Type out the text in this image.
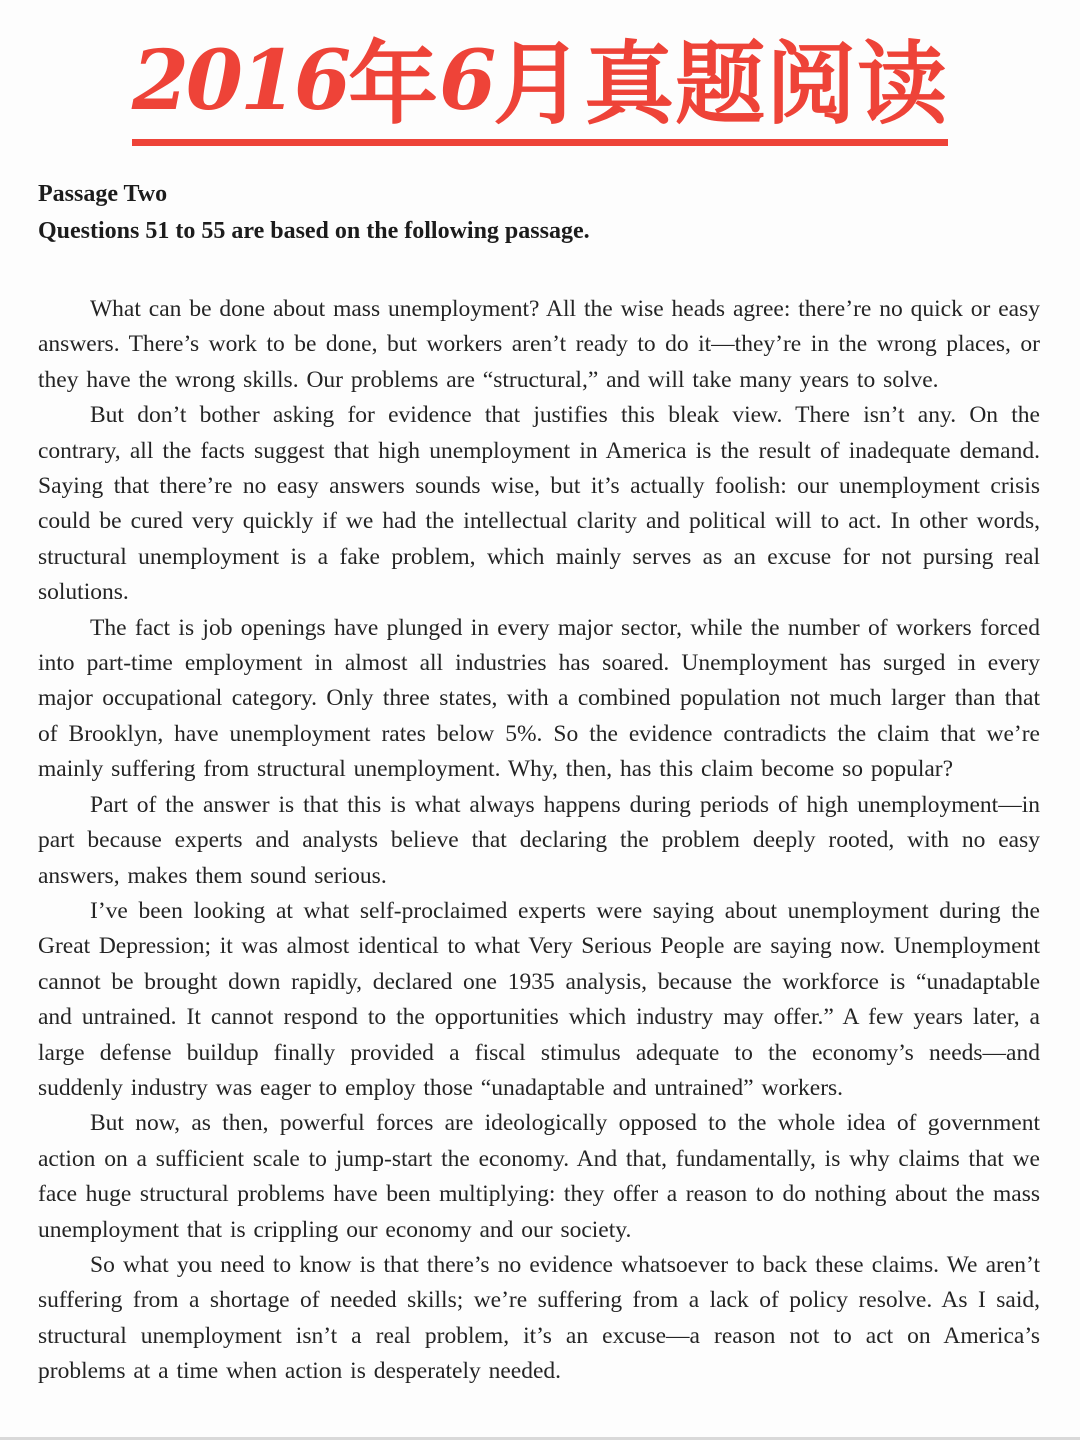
2016年6月真题阅读
Passage Two
Questions 51 to 55 are based on the following passage.

What can be done about mass unemployment? All the wise heads agree: there’re no quick or easy answers. There’s work to be done, but workers aren’t ready to do it—they’re in the wrong places, or they have the wrong skills. Our problems are “structural,” and will take many years to solve.

But don’t bother asking for evidence that justifies this bleak view. There isn’t any. On the contrary, all the facts suggest that high unemployment in America is the result of inadequate demand. Saying that there’re no easy answers sounds wise, but it’s actually foolish: our unemployment crisis could be cured very quickly if we had the intellectual clarity and political will to act. In other words, structural unemployment is a fake problem, which mainly serves as an excuse for not pursing real solutions.

The fact is job openings have plunged in every major sector, while the number of workers forced into part-time employment in almost all industries has soared. Unemployment has surged in every major occupational category. Only three states, with a combined population not much larger than that of Brooklyn, have unemployment rates below 5%. So the evidence contradicts the claim that we’re mainly suffering from structural unemployment. Why, then, has this claim become so popular?

Part of the answer is that this is what always happens during periods of high unemployment—in part because experts and analysts believe that declaring the problem deeply rooted, with no easy answers, makes them sound serious.

I’ve been looking at what self-proclaimed experts were saying about unemployment during the Great Depression; it was almost identical to what Very Serious People are saying now. Unemployment cannot be brought down rapidly, declared one 1935 analysis, because the workforce is “unadaptable and untrained. It cannot respond to the opportunities which industry may offer.” A few years later, a large defense buildup finally provided a fiscal stimulus adequate to the economy’s needs—and suddenly industry was eager to employ those “unadaptable and untrained” workers.

But now, as then, powerful forces are ideologically opposed to the whole idea of government action on a sufficient scale to jump-start the economy. And that, fundamentally, is why claims that we face huge structural problems have been multiplying: they offer a reason to do nothing about the mass unemployment that is crippling our economy and our society.

So what you need to know is that there’s no evidence whatsoever to back these claims. We aren’t suffering from a shortage of needed skills; we’re suffering from a lack of policy resolve. As I said, structural unemployment isn’t a real problem, it’s an excuse—a reason not to act on America’s problems at a time when action is desperately needed.
